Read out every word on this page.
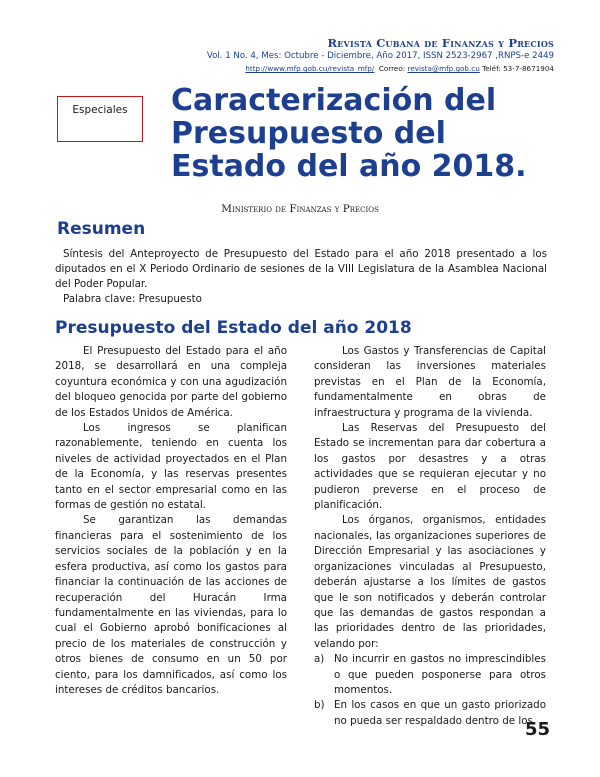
Revista Cubana de Finanzas y Precios
Vol. 1 No. 4, Mes: Octubre - Diciembre, Año 2017, ISSN 2523-2967 ,RNPS-e 2449
http://www.mfp.gob.cu/revista_mfp/ Correo: revista@mfp.gob.cu Teléf: 53-7-8671904
Especiales	Caracterización del
Presupuesto del
Estado del año 2018.
Ministerio de Finanzas y Precios
Resumen

Síntesis del Anteproyecto de Presupuesto del Estado para el año 2018 presentado a los diputados en el X Periodo Ordinario de sesiones de la VIII Legislatura de la Asamblea Nacional del Poder Popular.

Palabra clave: Presupuesto

Presupuesto del Estado del año 2018

El Presupuesto del Estado para el año 2018, se desarrollará en una compleja coyuntura económica y con una agudización del bloqueo genocida por parte del gobierno de los Estados Unidos de América.

Los ingresos se planifican razonablemente, teniendo en cuenta los niveles de actividad proyectados en el Plan de la Economía, y las reservas presentes tanto en el sector empresarial como en las formas de gestión no estatal.

Se garantizan las demandas financieras para el sostenimiento de los servicios sociales de la población y en la esfera productiva, así como los gastos para financiar la continuación de las acciones de recuperación del Huracán Irma fundamentalmente en las viviendas, para lo cual el Gobierno aprobó bonificaciones al precio de los materiales de construcción y otros bienes de consumo en un 50 por ciento, para los damnificados, así como los intereses de créditos bancarios.

Los Gastos y Transferencias de Capital consideran las inversiones materiales previstas en el Plan de la Economía, fundamentalmente en obras de infraestructura y programa de la vivienda.

Las Reservas del Presupuesto del Estado se incrementan para dar cobertura a los gastos por desastres y a otras actividades que se requieran ejecutar y no pudieron preverse en el proceso de planificación.

Los órganos, organismos, entidades nacionales, las organizaciones superiores de Dirección Empresarial y las asociaciones y organizaciones vinculadas al Presupuesto, deberán ajustarse a los límites de gastos que le son notificados y deberán controlar que las demandas de gastos respondan a las prioridades dentro de las prioridades, velando por:

a) No incurrir en gastos no imprescindibles o que pueden posponerse para otros momentos.
b) En los casos en que un gasto priorizado no pueda ser respaldado dentro de los
55
